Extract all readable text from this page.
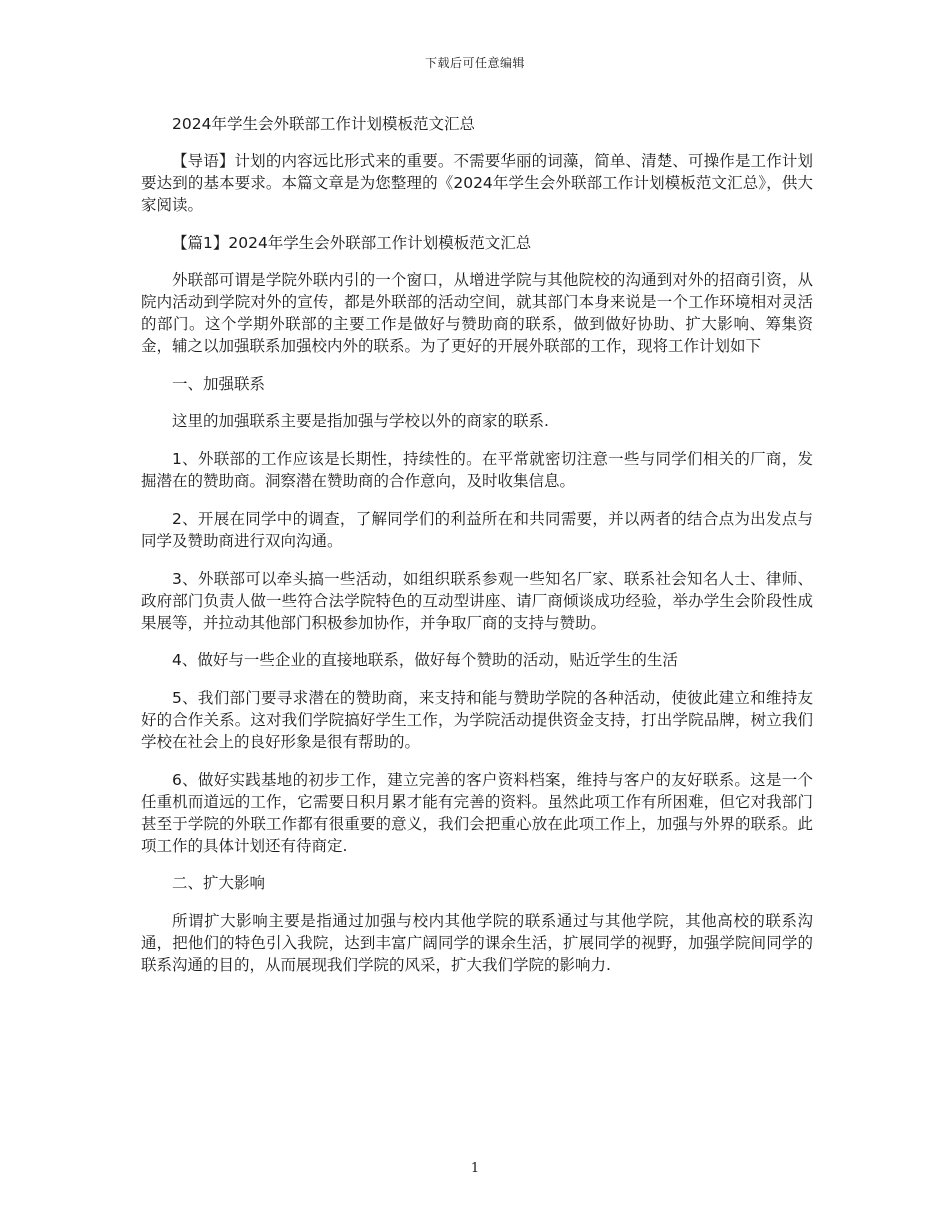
下载后可任意编辑

2024年学生会外联部工作计划模板范文汇总

【导语】计划的内容远比形式来的重要。不需要华丽的词藻，简单、清楚、可操作是工作计划要达到的基本要求。本篇文章是为您整理的《2024年学生会外联部工作计划模板范文汇总》，供大家阅读。

【篇1】2024年学生会外联部工作计划模板范文汇总

外联部可谓是学院外联内引的一个窗口，从增进学院与其他院校的沟通到对外的招商引资，从院内活动到学院对外的宣传，都是外联部的活动空间，就其部门本身来说是一个工作环境相对灵活的部门。这个学期外联部的主要工作是做好与赞助商的联系，做到做好协助、扩大影响、筹集资金，辅之以加强联系加强校内外的联系。为了更好的开展外联部的工作，现将工作计划如下

一、加强联系

这里的加强联系主要是指加强与学校以外的商家的联系.

1、外联部的工作应该是长期性，持续性的。在平常就密切注意一些与同学们相关的厂商，发掘潜在的赞助商。洞察潜在赞助商的合作意向，及时收集信息。

2、开展在同学中的调查，了解同学们的利益所在和共同需要，并以两者的结合点为出发点与同学及赞助商进行双向沟通。

3、外联部可以牵头搞一些活动，如组织联系参观一些知名厂家、联系社会知名人士、律师、政府部门负责人做一些符合法学院特色的互动型讲座、请厂商倾谈成功经验，举办学生会阶段性成果展等，并拉动其他部门积极参加协作，并争取厂商的支持与赞助。

4、做好与一些企业的直接地联系，做好每个赞助的活动，贴近学生的生活

5、我们部门要寻求潜在的赞助商，来支持和能与赞助学院的各种活动，使彼此建立和维持友好的合作关系。这对我们学院搞好学生工作，为学院活动提供资金支持，打出学院品牌，树立我们学校在社会上的良好形象是很有帮助的。

6、做好实践基地的初步工作，建立完善的客户资料档案，维持与客户的友好联系。这是一个任重机而道远的工作，它需要日积月累才能有完善的资料。虽然此项工作有所困难，但它对我部门甚至于学院的外联工作都有很重要的意义，我们会把重心放在此项工作上，加强与外界的联系。此项工作的具体计划还有待商定.

二、扩大影响

所谓扩大影响主要是指通过加强与校内其他学院的联系通过与其他学院，其他高校的联系沟通，把他们的特色引入我院，达到丰富广阔同学的课余生活，扩展同学的视野，加强学院间同学的联系沟通的目的，从而展现我们学院的风采，扩大我们学院的影响力.

1
